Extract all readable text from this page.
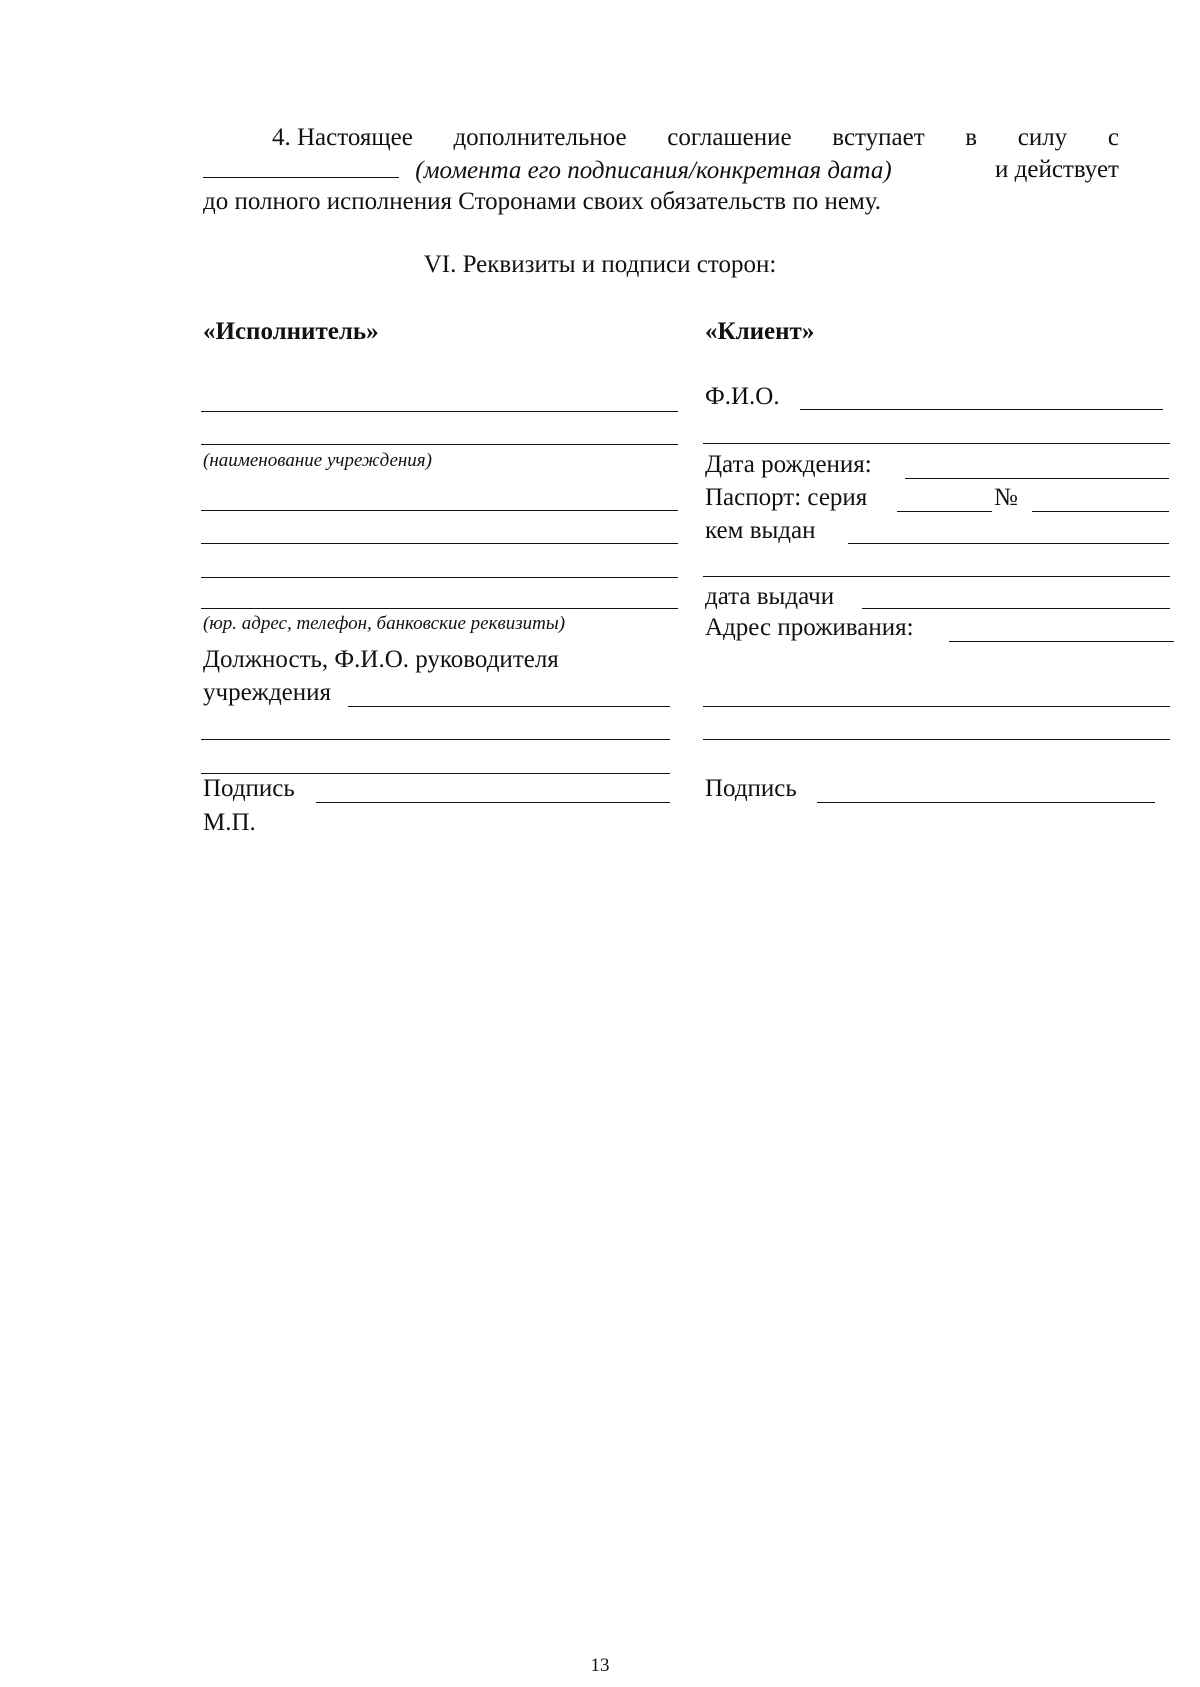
4. Настоящее дополнительное соглашение вступает в силу с
(момента его подписания/конкретная дата)	и действует
до полного исполнения Сторонами своих обязательств по нему.
VI. Реквизиты и подписи сторон:
«Исполнитель»
(наименование учреждения)
(юр. адрес, телефон, банковские реквизиты)
Должность, Ф.И.О. руководителя
учреждения
Подпись
М.П.
«Клиент»
Ф.И.О.
Дата рождения:
Паспорт: серия	№
кем выдан
дата выдачи
Адрес проживания:
Подпись
13
